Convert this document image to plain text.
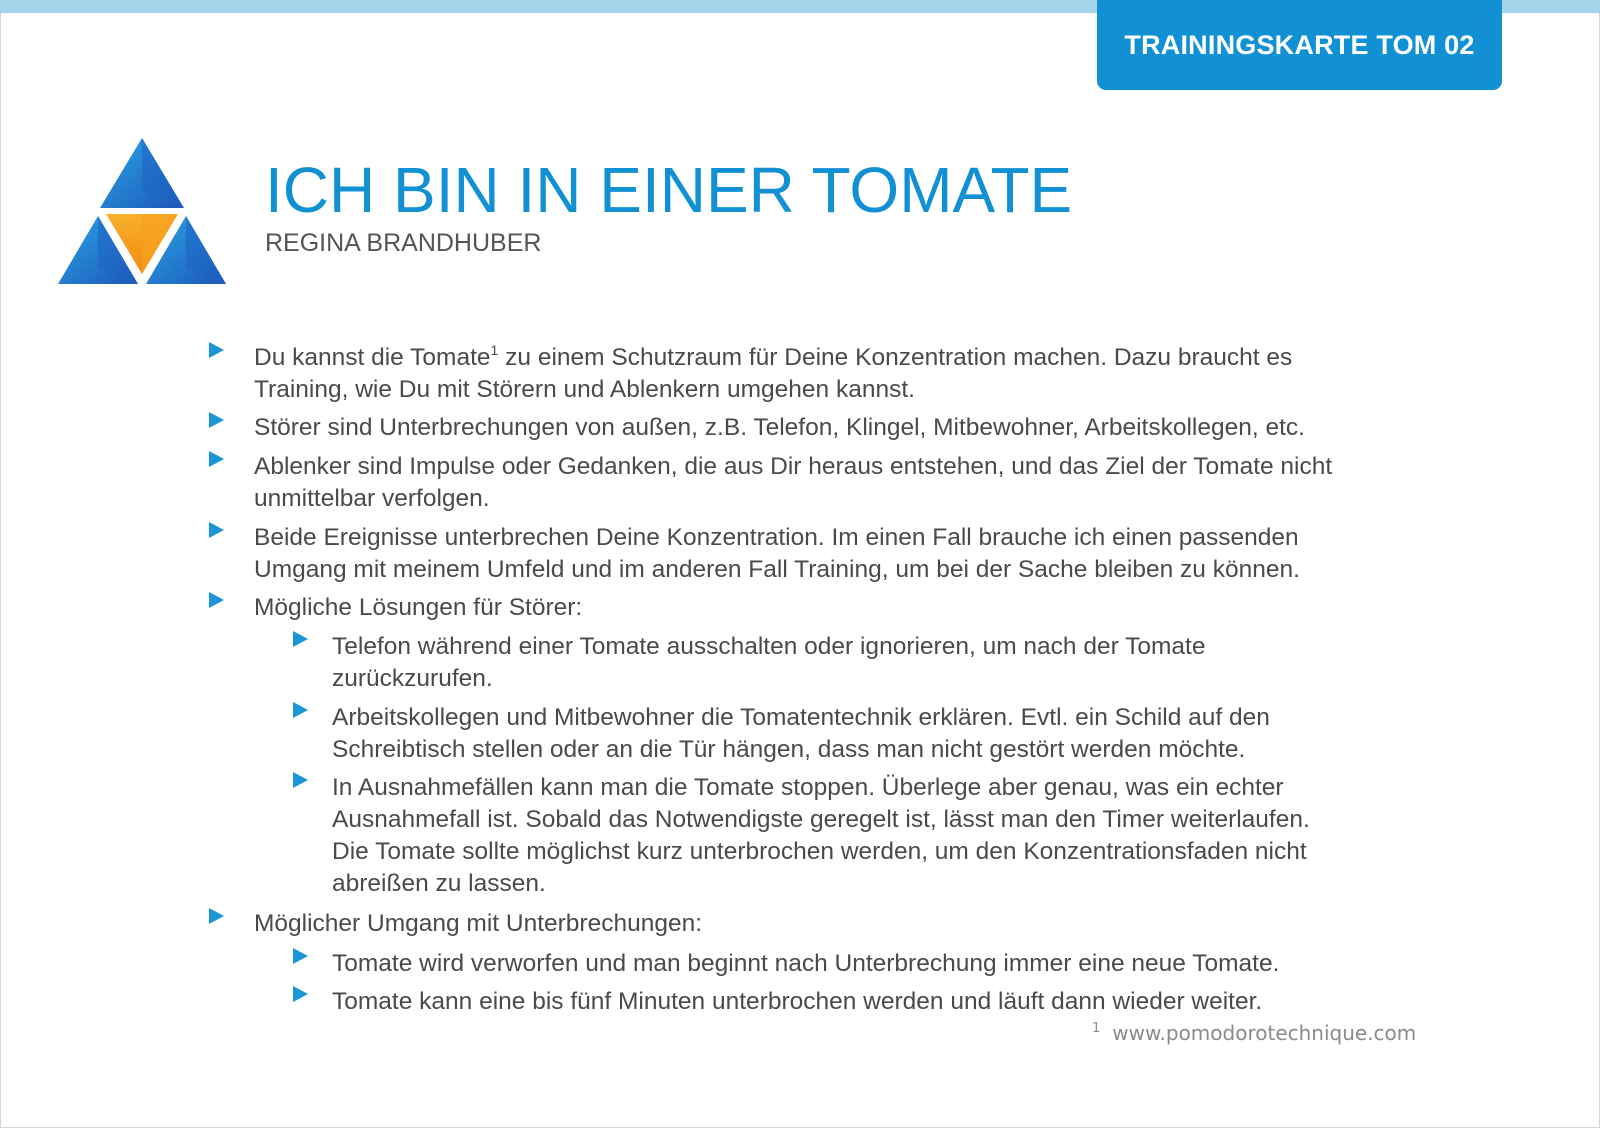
TRAININGSKARTE TOM 02
ICH BIN IN EINER TOMATE
REGINA BRANDHUBER
Du kannst die Tomate$^1$ zu einem Schutzraum für Deine Konzentration machen. Dazu braucht es
Training, wie Du mit Störern und Ablenkern umgehen kannst.
Störer sind Unterbrechungen von außen, z.B. Telefon, Klingel, Mitbewohner, Arbeitskollegen, etc.
Ablenker sind Impulse oder Gedanken, die aus Dir heraus entstehen, und das Ziel der Tomate nicht
unmittelbar verfolgen.
Beide Ereignisse unterbrechen Deine Konzentration. Im einen Fall brauche ich einen passenden
Umgang mit meinem Umfeld und im anderen Fall Training, um bei der Sache bleiben zu können.
Mögliche Lösungen für Störer:
Telefon während einer Tomate ausschalten oder ignorieren, um nach der Tomate
zurückzurufen.
Arbeitskollegen und Mitbewohner die Tomatentechnik erklären. Evtl. ein Schild auf den
Schreibtisch stellen oder an die Tür hängen, dass man nicht gestört werden möchte.
In Ausnahmefällen kann man die Tomate stoppen. Überlege aber genau, was ein echter
Ausnahmefall ist. Sobald das Notwendigste geregelt ist, lässt man den Timer weiterlaufen.
Die Tomate sollte möglichst kurz unterbrochen werden, um den Konzentrationsfaden nicht
abreißen zu lassen.
Möglicher Umgang mit Unterbrechungen:
Tomate wird verworfen und man beginnt nach Unterbrechung immer eine neue Tomate.
Tomate kann eine bis fünf Minuten unterbrochen werden und läuft dann wieder weiter.
$^1$ www.pomodorotechnique.com
